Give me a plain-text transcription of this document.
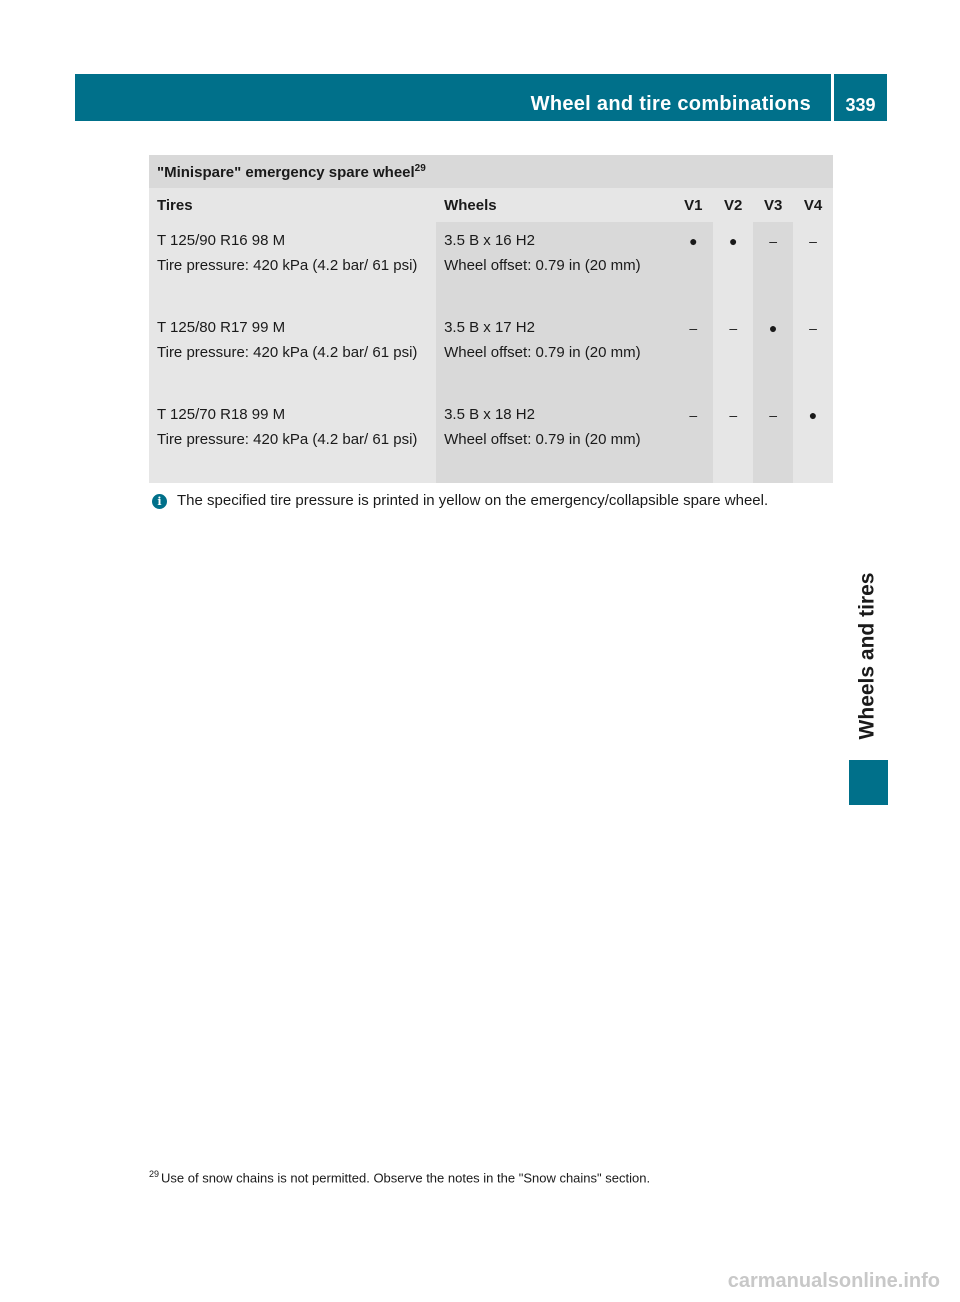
Wheel and tire combinations	339
Wheels and tires
"Minispare" emergency spare wheel$^{29}$
Tires	Wheels	V1	V2	V3	V4

T 125/90 R16 98 M
Tire pressure: 420 kPa (4.2 bar/ 61 psi)	3.5 B x 16 H2
Wheel offset: 0.79 in (20 mm)	●	●	–	–

T 125/80 R17 99 M
Tire pressure: 420 kPa (4.2 bar/ 61 psi)	3.5 B x 17 H2
Wheel offset: 0.79 in (20 mm)	–	–	●	–

T 125/70 R18 99 M
Tire pressure: 420 kPa (4.2 bar/ 61 psi)	3.5 B x 18 H2
Wheel offset: 0.79 in (20 mm)	–	–	–	●
i	The specified tire pressure is printed in yellow on the emergency/collapsible spare wheel.
$^{29}$ Use of snow chains is not permitted. Observe the notes in the "Snow chains" section.
carmanualsonline.info
